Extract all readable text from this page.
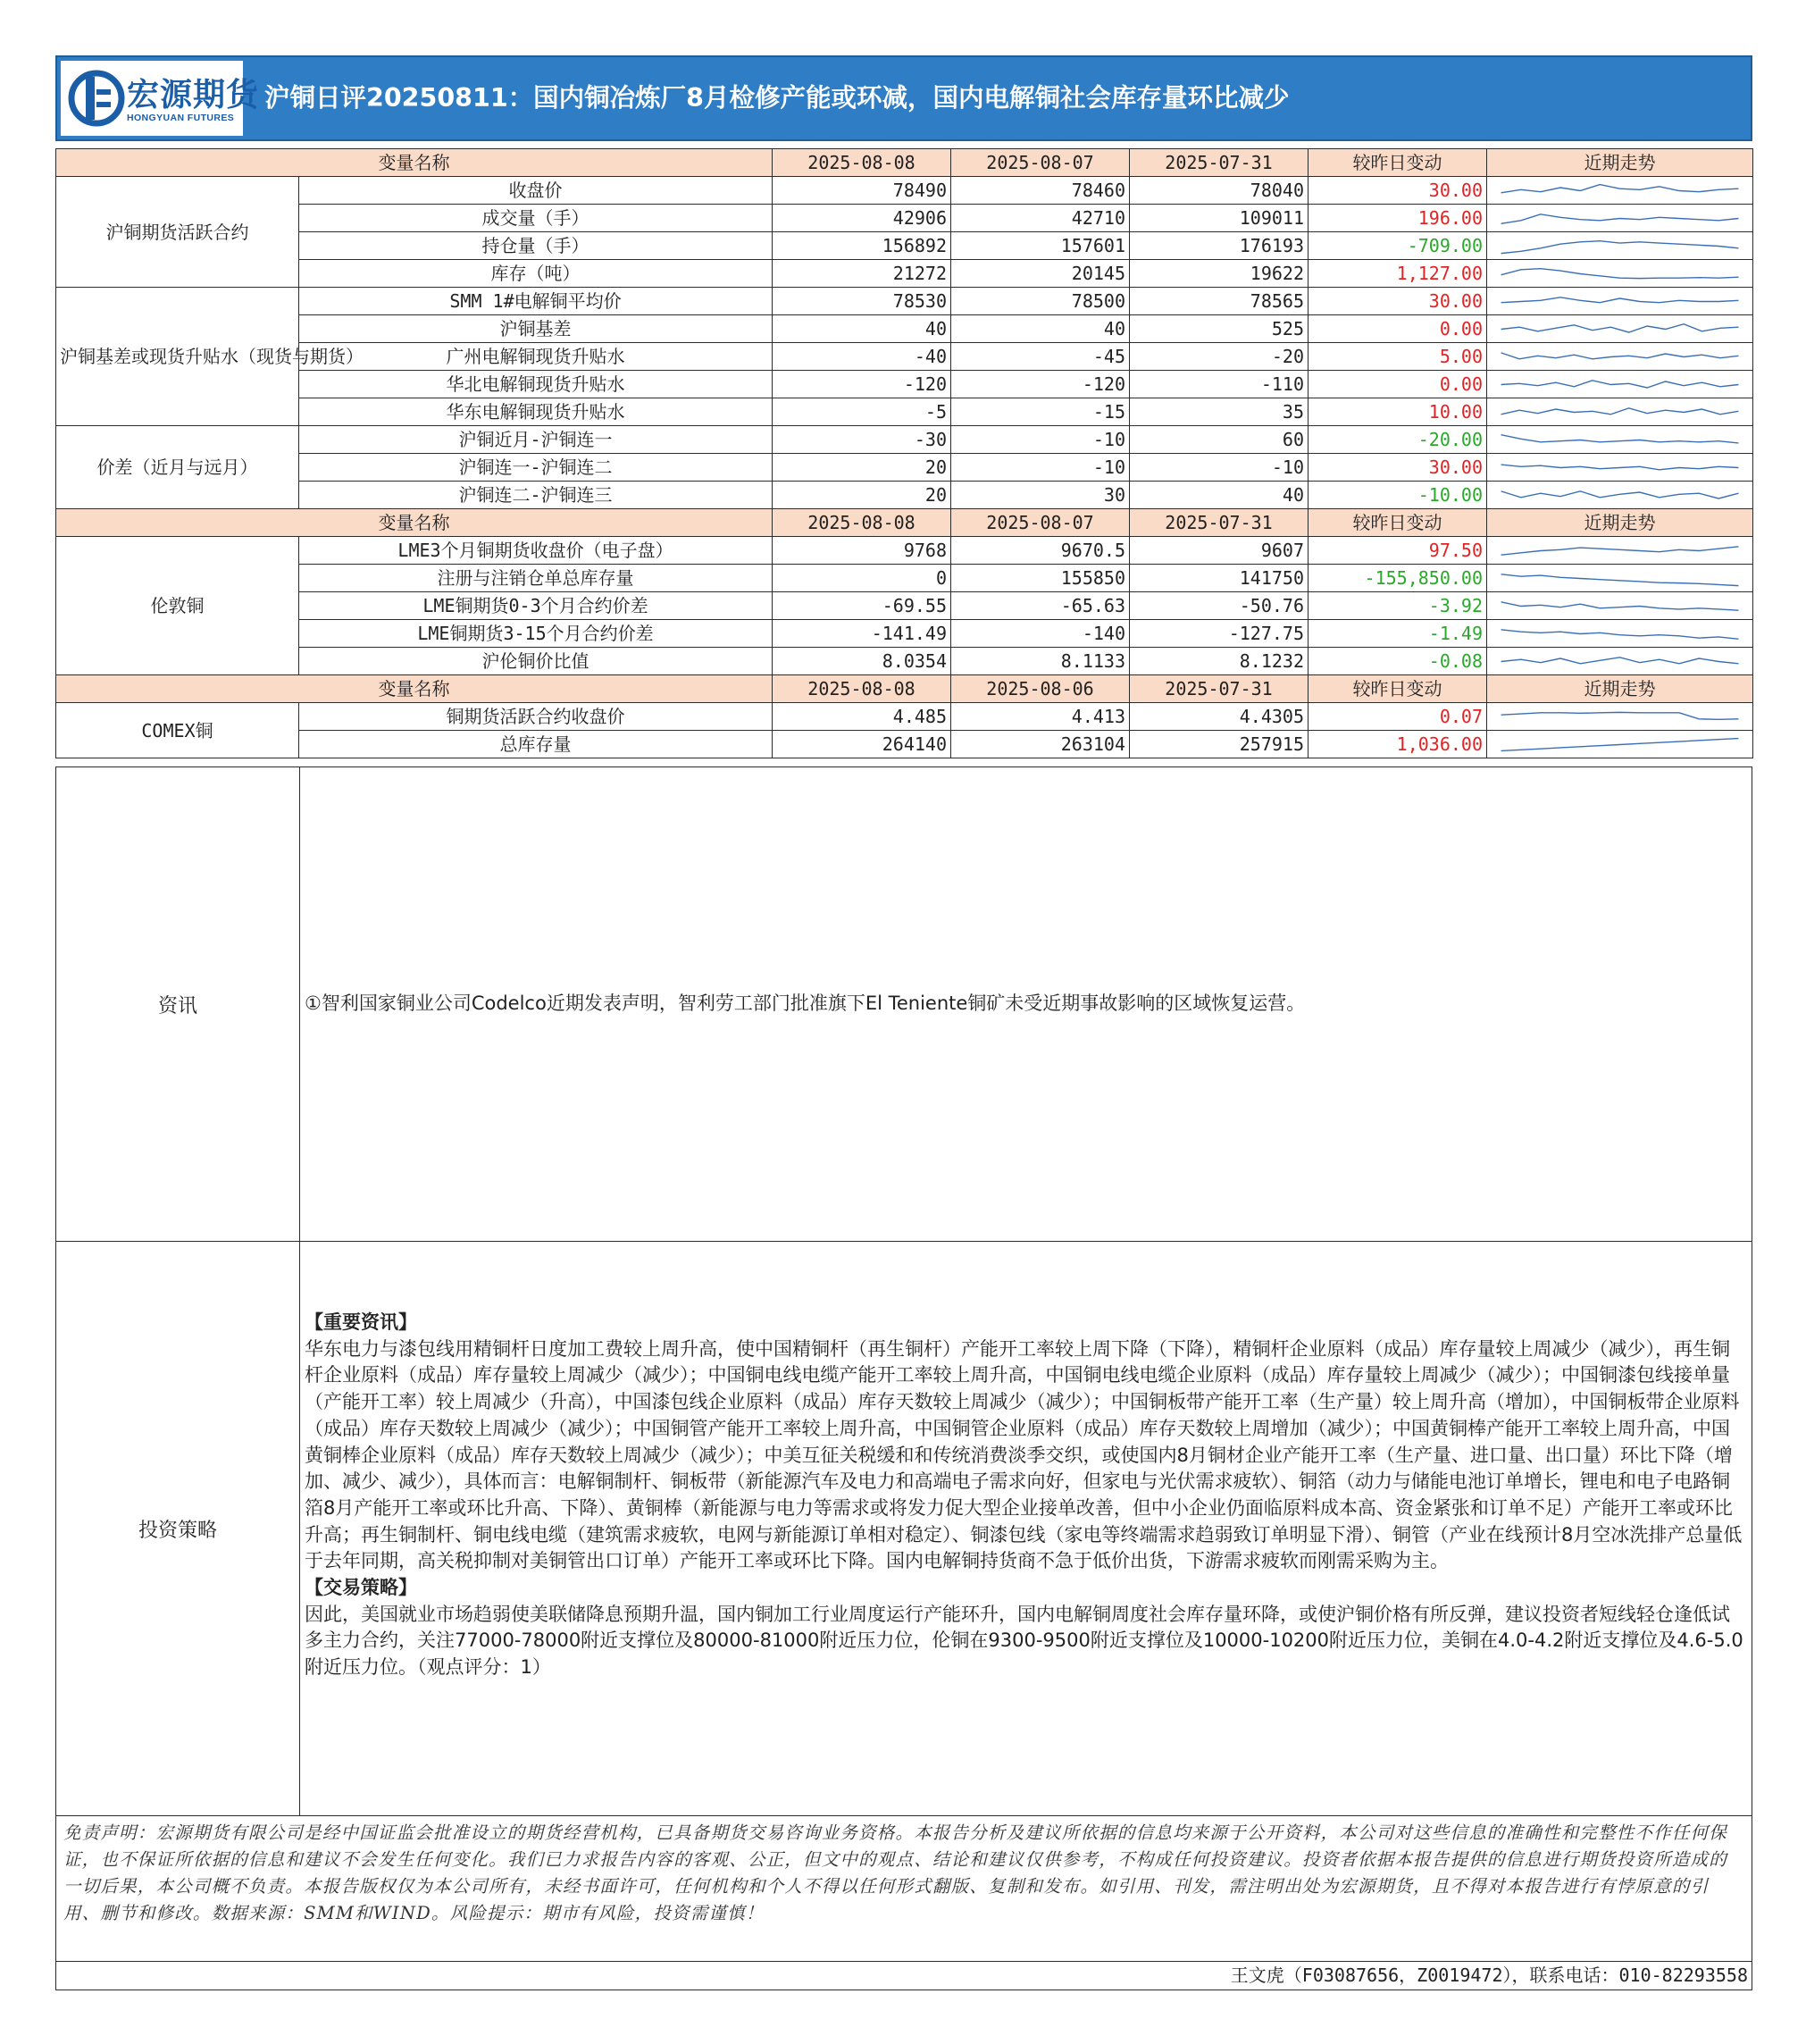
宏源期货
HONGYUAN FUTURES
沪铜日评20250811：国内铜冶炼厂8月检修产能或环减，国内电解铜社会库存量环比减少
变量名称		2025-08-08	2025-08-07	2025-07-31	较昨日变动	近期走势
沪铜期货活跃合约	收盘价	78490	78460	78040	30.00	

	成交量（手）	42906	42710	109011	196.00	

	持仓量（手）	156892	157601	176193	-709.00	

	库存（吨）	21272	20145	19622	1,127.00	

沪铜基差或现货升贴水（现货与期货）	SMM 1#电解铜平均价	78530	78500	78565	30.00	

	沪铜基差	40	40	525	0.00	

	广州电解铜现货升贴水	-40	-45	-20	5.00	

	华北电解铜现货升贴水	-120	-120	-110	0.00	

	华东电解铜现货升贴水	-5	-15	35	10.00	

价差（近月与远月）	沪铜近月-沪铜连一	-30	-10	60	-20.00	

	沪铜连一-沪铜连二	20	-10	-10	30.00	

	沪铜连二-沪铜连三	20	30	40	-10.00	

变量名称		2025-08-08	2025-08-07	2025-07-31	较昨日变动	近期走势
伦敦铜	LME3个月铜期货收盘价（电子盘）	9768	9670.5	9607	97.50	

	注册与注销仓单总库存量	0	155850	141750	-155,850.00	

	LME铜期货0-3个月合约价差	-69.55	-65.63	-50.76	-3.92	

	LME铜期货3-15个月合约价差	-141.49	-140	-127.75	-1.49	

	沪伦铜价比值	8.0354	8.1133	8.1232	-0.08	

变量名称		2025-08-08	2025-08-06	2025-07-31	较昨日变动	近期走势
COMEX铜	铜期货活跃合约收盘价	4.485	4.413	4.4305	0.07	

	总库存量	264140	263104	257915	1,036.00	
资讯	①智利国家铜业公司Codelco近期发表声明，智利劳工部门批准旗下El Teniente铜矿未受近期事故影响的区域恢复运营。
投资策略

【重要资讯】

华东电力与漆包线用精铜杆日度加工费较上周升高，使中国精铜杆（再生铜杆）产能开工率较上周下降（下降），精铜杆企业原料（成品）库存量较上周减少（减少），再生铜杆企业原料（成品）库存量较上周减少（减少）；中国铜电线电缆产能开工率较上周升高，中国铜电线电缆企业原料（成品）库存量较上周减少（减少）；中国铜漆包线接单量（产能开工率）较上周减少（升高），中国漆包线企业原料（成品）库存天数较上周减少（减少）；中国铜板带产能开工率（生产量）较上周升高（增加），中国铜板带企业原料（成品）库存天数较上周减少（减少）；中国铜管产能开工率较上周升高，中国铜管企业原料（成品）库存天数较上周增加（减少）；中国黄铜棒产能开工率较上周升高，中国黄铜棒企业原料（成品）库存天数较上周减少（减少）；中美互征关税缓和和传统消费淡季交织，或使国内8月铜材企业产能开工率（生产量、进口量、出口量）环比下降（增加、减少、减少），具体而言：电解铜制杆、铜板带（新能源汽车及电力和高端电子需求向好，但家电与光伏需求疲软）、铜箔（动力与储能电池订单增长，锂电和电子电路铜箔8月产能开工率或环比升高、下降）、黄铜棒（新能源与电力等需求或将发力促大型企业接单改善，但中小企业仍面临原料成本高、资金紧张和订单不足）产能开工率或环比升高；再生铜制杆、铜电线电缆（建筑需求疲软，电网与新能源订单相对稳定）、铜漆包线（家电等终端需求趋弱致订单明显下滑）、铜管（产业在线预计8月空冰洗排产总量低于去年同期，高关税抑制对美铜管出口订单）产能开工率或环比下降。国内电解铜持货商不急于低价出货，下游需求疲软而刚需采购为主。

【交易策略】

因此，美国就业市场趋弱使美联储降息预期升温，国内铜加工行业周度运行产能环升，国内电解铜周度社会库存量环降，或使沪铜价格有所反弹，建议投资者短线轻仓逢低试多主力合约，关注77000-78000附近支撑位及80000-81000附近压力位，伦铜在9300-9500附近支撑位及10000-10200附近压力位，美铜在4.0-4.2附近支撑位及4.6-5.0附近压力位。（观点评分：1）

免责声明：宏源期货有限公司是经中国证监会批准设立的期货经营机构，已具备期货交易咨询业务资格。本报告分析及建议所依据的信息均来源于公开资料，本公司对这些信息的准确性和完整性不作任何保证，也不保证所依据的信息和建议不会发生任何变化。我们已力求报告内容的客观、公正，但文中的观点、结论和建议仅供参考，不构成任何投资建议。投资者依据本报告提供的信息进行期货投资所造成的一切后果，本公司概不负责。本报告版权仅为本公司所有，未经书面许可，任何机构和个人不得以任何形式翻版、复制和发布。如引用、刊发，需注明出处为宏源期货，且不得对本报告进行有悖原意的引用、删节和修改。数据来源：SMM和WIND。风险提示：期市有风险，投资需谨慎！
王文虎（F03087656，Z0019472），联系电话：010-82293558
